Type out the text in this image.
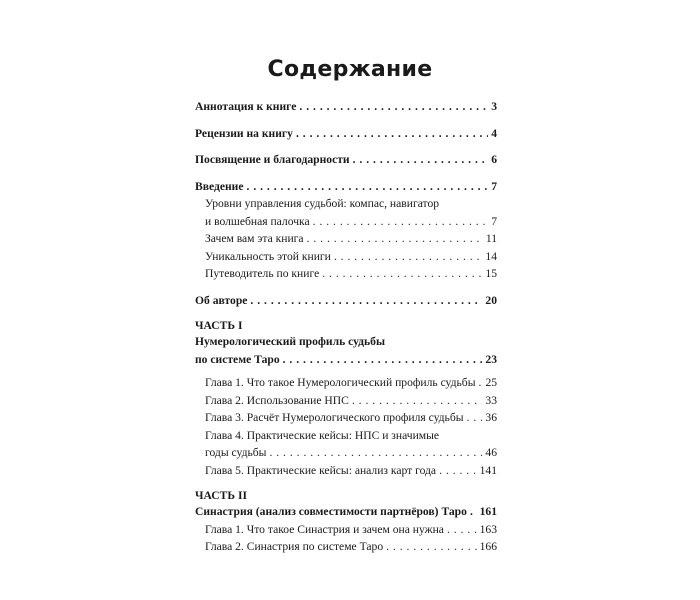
Содержание
Аннотация к книге . . .	3
Рецензии на книгу . . .	4
Посвящение и благодарности . . .	6
Введение . . .	7
Уровни управления судьбой: компас, навигатор
и волшебная палочка . . .	7
Зачем вам эта книга . . .	11
Уникальность этой книги . . .	14
Путеводитель по книге . . .	15
Об авторе . . .	20
ЧАСТЬ I
Нумерологический профиль судьбы
по системе Таро . . .	23
Глава 1. Что такое Нумерологический профиль судьбы . . . 25
Глава 2. Использование НПС . . .	33
Глава 3. Расчёт Нумерологического профиля судьбы . . . 36
Глава 4. Практические кейсы: НПС и значимые
годы судьбы . . .	46
Глава 5. Практические кейсы: анализ карт года . . .	141
ЧАСТЬ II
Синастрия (анализ совместимости партнёров) Таро . . . 161
Глава 1. Что такое Синастрия и зачем она нужна . . .	163
Глава 2. Синастрия по системе Таро . . .	166
